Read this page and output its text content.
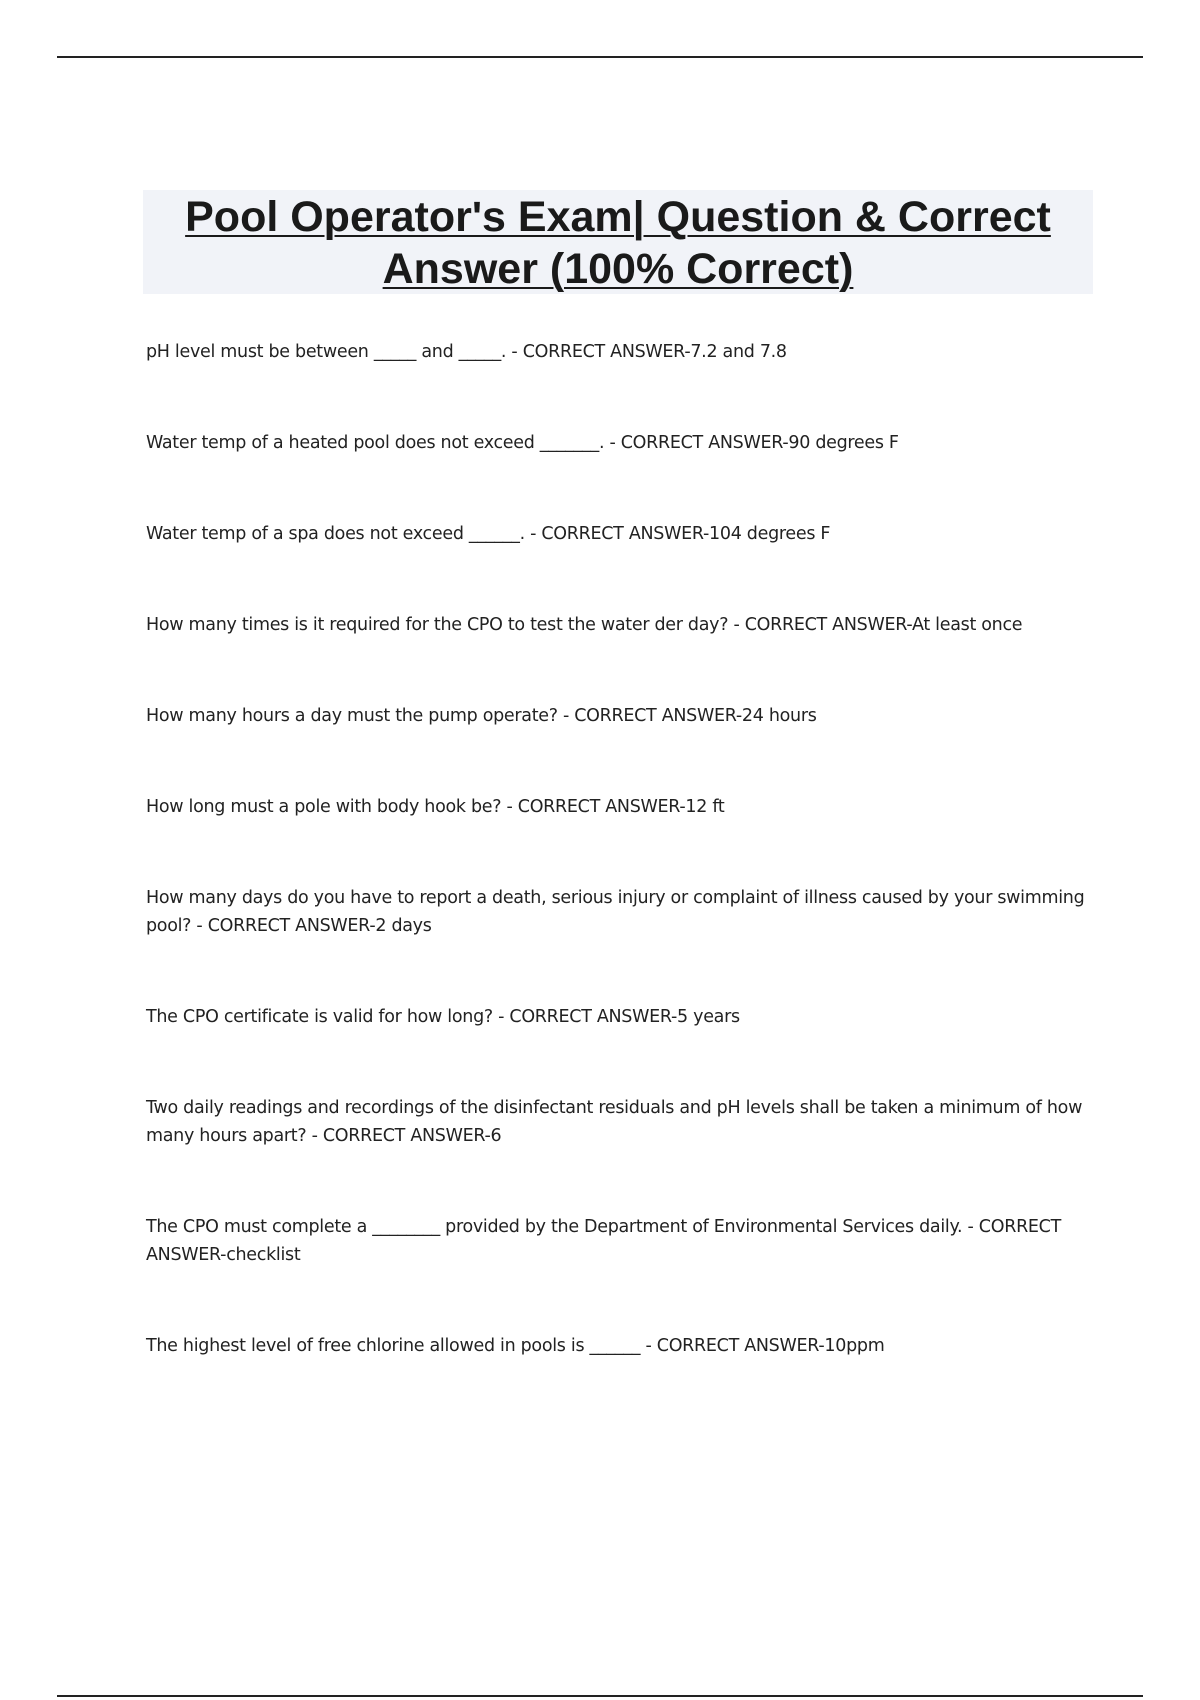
Pool Operator's Exam| Question & Correct Answer (100% Correct)
pH level must be between _____ and _____. - CORRECT ANSWER-7.2 and 7.8
Water temp of a heated pool does not exceed _______. - CORRECT ANSWER-90 degrees F
Water temp of a spa does not exceed ______. - CORRECT ANSWER-104 degrees F
How many times is it required for the CPO to test the water der day? - CORRECT ANSWER-At least once
How many hours a day must the pump operate? - CORRECT ANSWER-24 hours
How long must a pole with body hook be? - CORRECT ANSWER-12 ft
How many days do you have to report a death, serious injury or complaint of illness caused by your swimming pool? - CORRECT ANSWER-2 days
The CPO certificate is valid for how long? - CORRECT ANSWER-5 years
Two daily readings and recordings of the disinfectant residuals and pH levels shall be taken a minimum of how many hours apart? - CORRECT ANSWER-6
The CPO must complete a ________ provided by the Department of Environmental Services daily. - CORRECT ANSWER-checklist
The highest level of free chlorine allowed in pools is ______ - CORRECT ANSWER-10ppm
